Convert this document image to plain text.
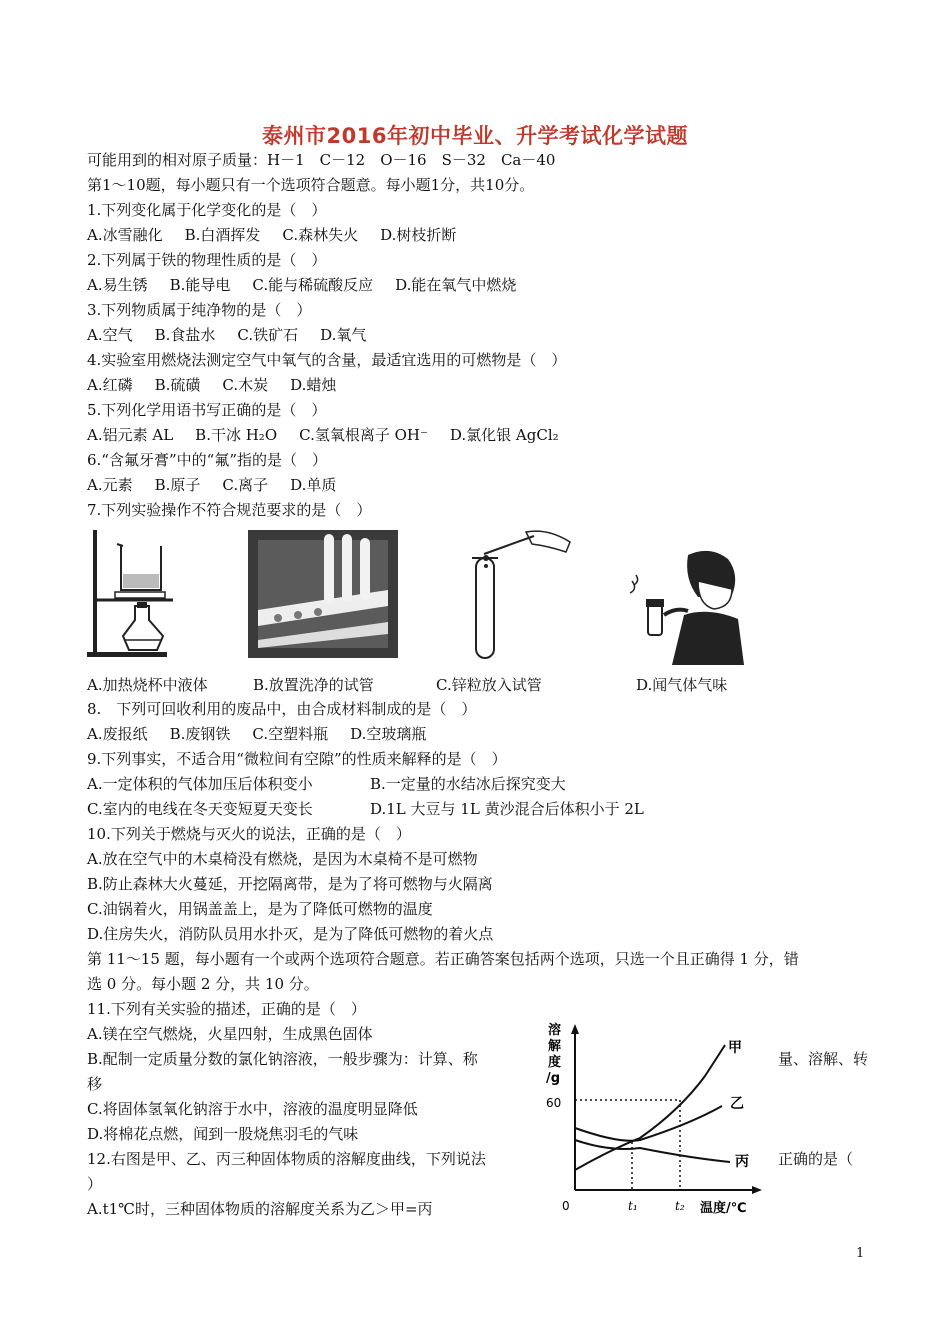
泰州市2016年初中毕业、升学考试化学试题
可能用到的相对原子质量：H－1　C－12　O－16　S－32　Ca－40
第1～10题，每小题只有一个选项符合题意。每小题1分，共10分。
1.下列变化属于化学变化的是（　）
A.冰雪融化 B.白酒挥发 C.森林失火 D.树枝折断
2.下列属于铁的物理性质的是（　）
A.易生锈 B.能导电 C.能与稀硫酸反应 D.能在氧气中燃烧
3.下列物质属于纯净物的是（　）
A.空气 B.食盐水 C.铁矿石 D.氧气
4.实验室用燃烧法测定空气中氧气的含量，最适宜选用的可燃物是（　）
A.红磷 B.硫磺 C.木炭 D.蜡烛
5.下列化学用语书写正确的是（　）
A.铝元素 AL B.干冰 H₂O C.氢氧根离子 OH⁻ D.氯化银 AgCl₂
6.“含氟牙膏”中的“氟”指的是（　）
A.元素 B.原子 C.离子 D.单质
7.下列实验操作不符合规范要求的是（　）
A.加热烧杯中液体	B.放置洗净的试管	C.锌粒放入试管	D.闻气体气味
8.　下列可回收利用的废品中，由合成材料制成的是（　）
A.废报纸 B.废钢铁 C.空塑料瓶 D.空玻璃瓶
9.下列事实，不适合用“微粒间有空隙”的性质来解释的是（　）
A.一定体积的气体加压后体积变小	B.一定量的水结冰后探究变大
C.室内的电线在冬天变短夏天变长	D.1L 大豆与 1L 黄沙混合后体积小于 2L
10.下列关于燃烧与灭火的说法，正确的是（　）
A.放在空气中的木桌椅没有燃烧，是因为木桌椅不是可燃物
B.防止森林大火蔓延，开挖隔离带，是为了将可燃物与火隔离
C.油锅着火，用锅盖盖上，是为了降低可燃物的温度
D.住房失火，消防队员用水扑灭，是为了降低可燃物的着火点
第 11～15 题，每小题有一个或两个选项符合题意。若正确答案包括两个选项，只选一个且正确得 1 分，错
选 0 分。每小题 2 分，共 10 分。
11.下列有关实验的描述，正确的是（　）
A.镁在空气燃烧，火星四射，生成黑色固体
B.配制一定质量分数的氯化钠溶液，一般步骤为：计算、称	量、溶解、转
移
C.将固体氢氧化钠溶于水中，溶液的温度明显降低
D.将棉花点燃，闻到一股烧焦羽毛的气味
12.右图是甲、乙、丙三种固体物质的溶解度曲线，下列说法	正确的是（
）
A.t1℃时，三种固体物质的溶解度关系为乙＞甲=丙
溶 解 度 /g
0
60
t₁	t₂ 温度/℃
甲
乙
丙
1
